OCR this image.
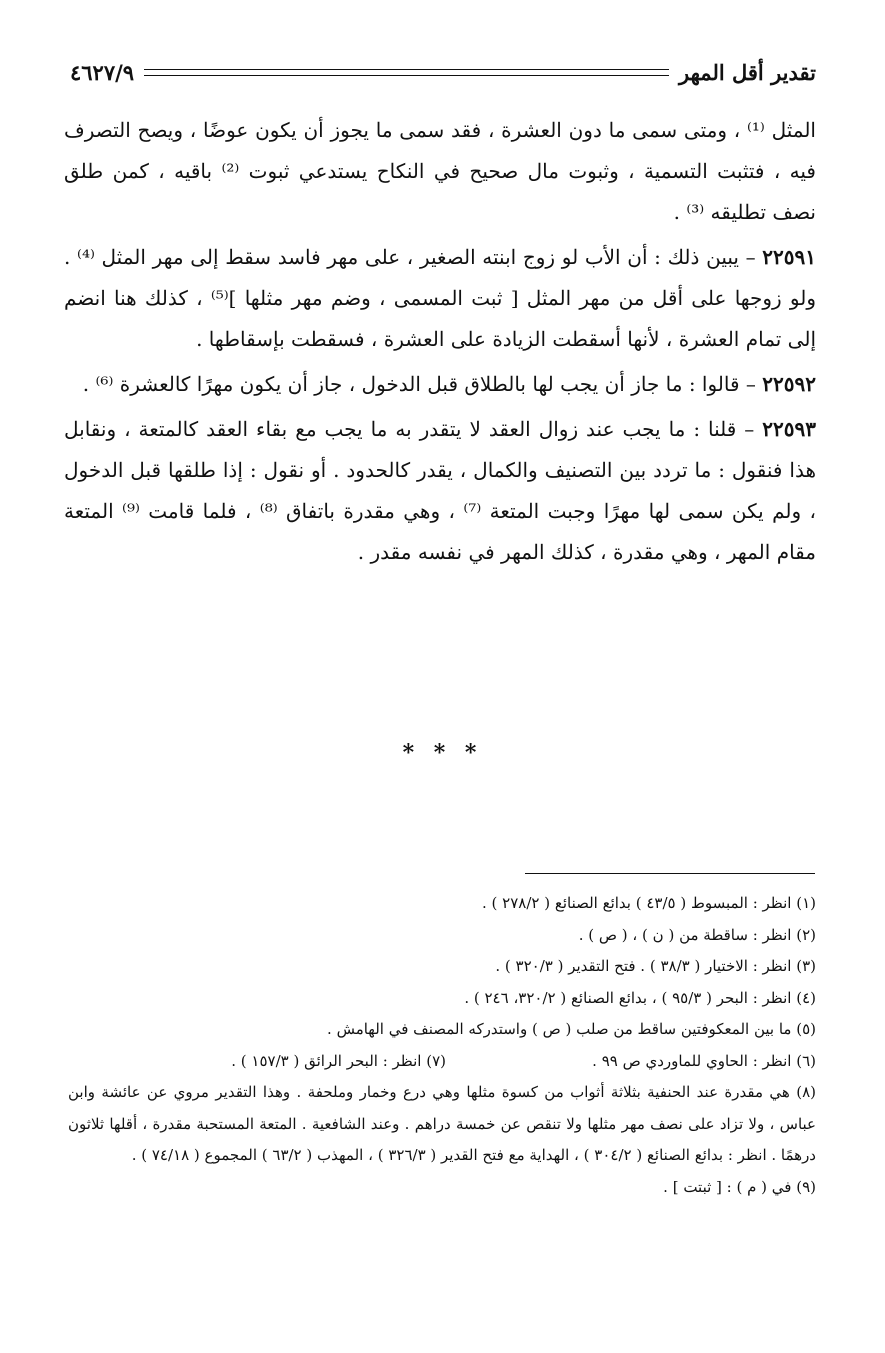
تقدير أقل المهر
٤٦٢٧/٩

المثل ⁽¹⁾ ، ومتى سمى ما دون العشرة ، فقد سمى ما يجوز أن يكون عوضًا ، ويصح التصرف فيه ، فتثبت التسمية ، وثبوت مال صحيح في النكاح يستدعي ثبوت ⁽²⁾ باقيه ، كمن طلق نصف تطليقه ⁽³⁾ .

٢٢٥٩١ – يبين ذلك : أن الأب لو زوج ابنته الصغير ، على مهر فاسد سقط إلى مهر المثل ⁽⁴⁾ . ولو زوجها على أقل من مهر المثل [ ثبت المسمى ، وضم مهر مثلها ]⁽⁵⁾ ، كذلك هنا انضم إلى تمام العشرة ، لأنها أسقطت الزيادة على العشرة ، فسقطت بإسقاطها .

٢٢٥٩٢ – قالوا : ما جاز أن يجب لها بالطلاق قبل الدخول ، جاز أن يكون مهرًا كالعشرة ⁽⁶⁾ .

٢٢٥٩٣ – قلنا : ما يجب عند زوال العقد لا يتقدر به ما يجب مع بقاء العقد كالمتعة ، ونقابل هذا فنقول : ما تردد بين التصنيف والكمال ، يقدر كالحدود . أو نقول : إذا طلقها قبل الدخول ، ولم يكن سمى لها مهرًا وجبت المتعة ⁽⁷⁾ ، وهي مقدرة باتفاق ⁽⁸⁾ ، فلما قامت ⁽⁹⁾ المتعة مقام المهر ، وهي مقدرة ، كذلك المهر في نفسه مقدر .

* * *

(١) انظر : المبسوط ( ٤٣/٥ ) بدائع الصنائع ( ٢٧٨/٢ ) .

(٢) انظر : ساقطة من ( ن ) ، ( ص ) .

(٣) انظر : الاختيار ( ٣٨/٣ ) . فتح التقدير ( ٣٢٠/٣ ) .

(٤) انظر : البحر ( ٩٥/٣ ) ، بدائع الصنائع ( ٣٢٠/٢، ٢٤٦ ) .

(٥) ما بين المعكوفتين ساقط من صلب ( ص ) واستدركه المصنف في الهامش .

(٦) انظر : الحاوي للماوردي ص ٩٩ .
(٧) انظر : البحر الرائق ( ١٥٧/٣ ) .

(٨) هي مقدرة عند الحنفية بثلاثة أثواب من كسوة مثلها وهي درع وخمار وملحفة . وهذا التقدير مروي عن عائشة وابن عباس ، ولا تزاد على نصف مهر مثلها ولا تنقص عن خمسة دراهم . وعند الشافعية . المتعة المستحبة مقدرة ، أقلها ثلاثون درهمًا . انظر : بدائع الصنائع ( ٣٠٤/٢ ) ، الهداية مع فتح القدير ( ٣٢٦/٣ ) ، المهذب ( ٦٣/٢ ) المجموع ( ٧٤/١٨ ) .

(٩) في ( م ) : [ ثبتت ] .
